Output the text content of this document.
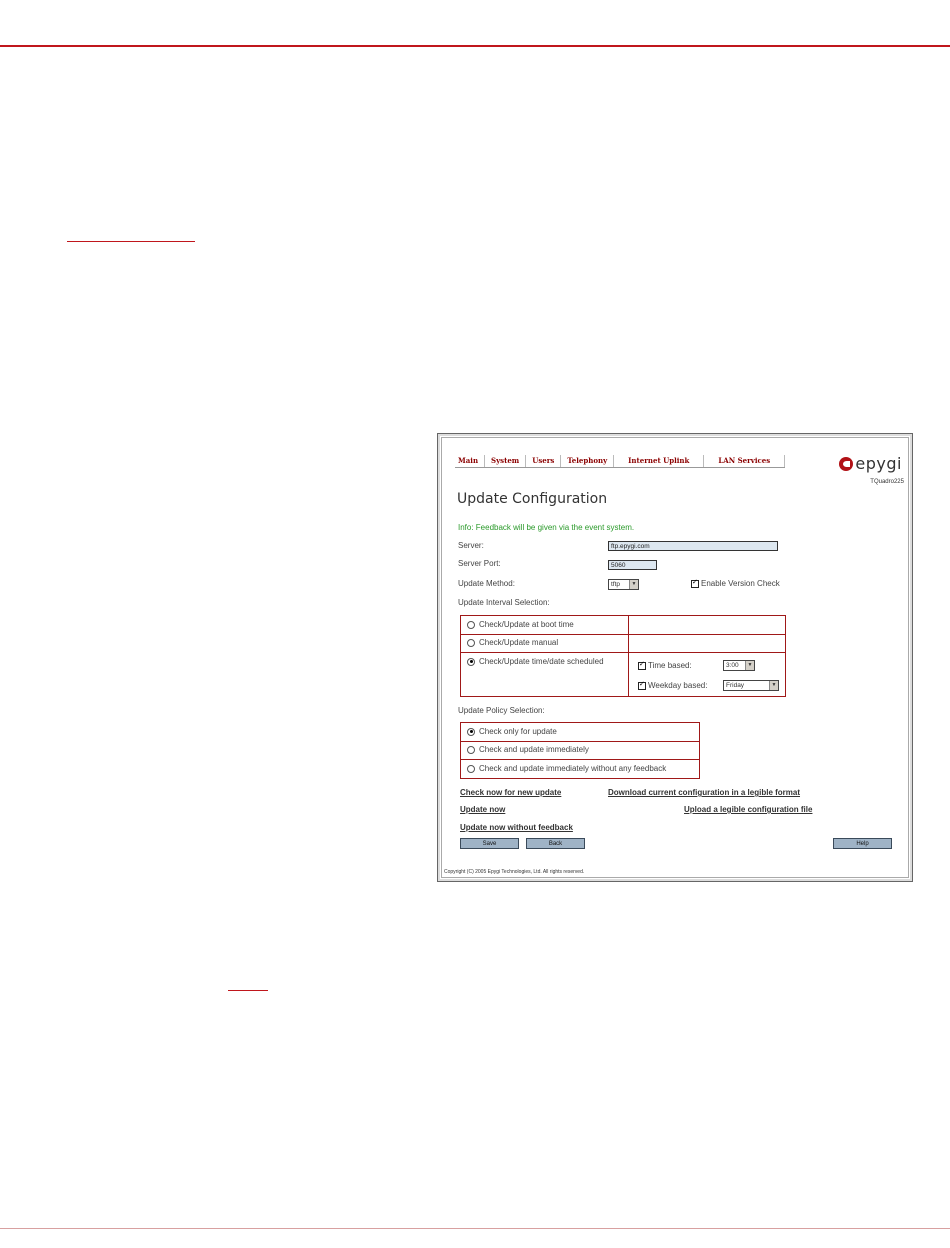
Main	System	Users	Telephony	Internet Uplink	LAN Services	epygi
TQuadro225
Update Configuration
Info: Feedback will be given via the event system.
Server:	ftp.epygi.com
Server Port:	5060
Update Method:	tftp	▼ ✓	Enable Version Check
Update Interval Selection:
Check/Update at boot time
Check/Update manual
Check/Update time/date scheduled ✓	Time based:	3:00	▼
✓Weekday based:	Friday	▼
Update Policy Selection:
Check only for update
Check and update immediately
Check and update immediately without any feedback
Check now for new update	Download current configuration in a legible format
Update now	Upload a legible configuration file
Update now without feedback
Save	Back	Help
Copyright (C) 2005 Epygi Technologies, Ltd. All rights reserved.
